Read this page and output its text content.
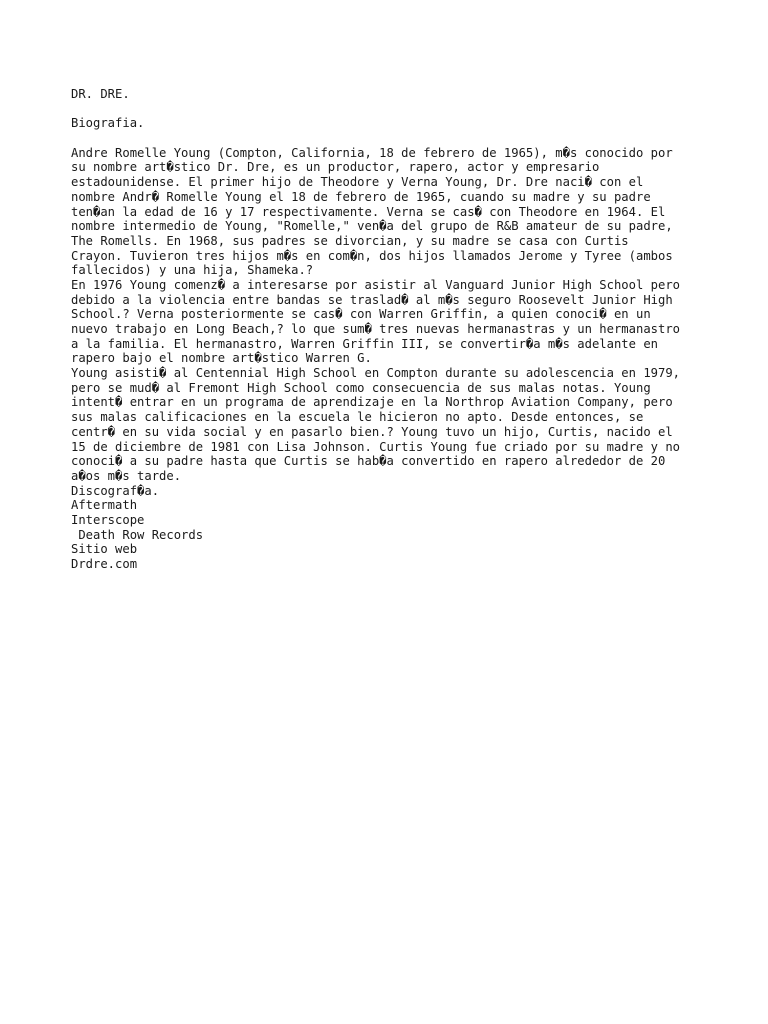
DR. DRE.
Biografia.
Andre Romelle Young (Compton, California, 18 de febrero de 1965), m�s conocido por
su nombre art�stico Dr. Dre, es un productor, rapero, actor y empresario
estadounidense. El primer hijo de Theodore y Verna Young, Dr. Dre naci� con el
nombre Andr� Romelle Young el 18 de febrero de 1965, cuando su madre y su padre
ten�an la edad de 16 y 17 respectivamente. Verna se cas� con Theodore en 1964. El
nombre intermedio de Young, "Romelle," ven�a del grupo de R&B amateur de su padre,
The Romells. En 1968, sus padres se divorcian, y su madre se casa con Curtis
Crayon. Tuvieron tres hijos m�s en com�n, dos hijos llamados Jerome y Tyree (ambos
fallecidos) y una hija, Shameka.?
En 1976 Young comenz� a interesarse por asistir al Vanguard Junior High School pero
debido a la violencia entre bandas se traslad� al m�s seguro Roosevelt Junior High
School.? Verna posteriormente se cas� con Warren Griffin, a quien conoci� en un
nuevo trabajo en Long Beach,? lo que sum� tres nuevas hermanastras y un hermanastro
a la familia. El hermanastro, Warren Griffin III, se convertir�a m�s adelante en
rapero bajo el nombre art�stico Warren G.
Young asisti� al Centennial High School en Compton durante su adolescencia en 1979,
pero se mud� al Fremont High School como consecuencia de sus malas notas. Young
intent� entrar en un programa de aprendizaje en la Northrop Aviation Company, pero
sus malas calificaciones en la escuela le hicieron no apto. Desde entonces, se
centr� en su vida social y en pasarlo bien.? Young tuvo un hijo, Curtis, nacido el
15 de diciembre de 1981 con Lisa Johnson. Curtis Young fue criado por su madre y no
conoci� a su padre hasta que Curtis se hab�a convertido en rapero alrededor de 20
a�os m�s tarde.
Discograf�a.
Aftermath
Interscope
Death Row Records
Sitio web
Drdre.com
